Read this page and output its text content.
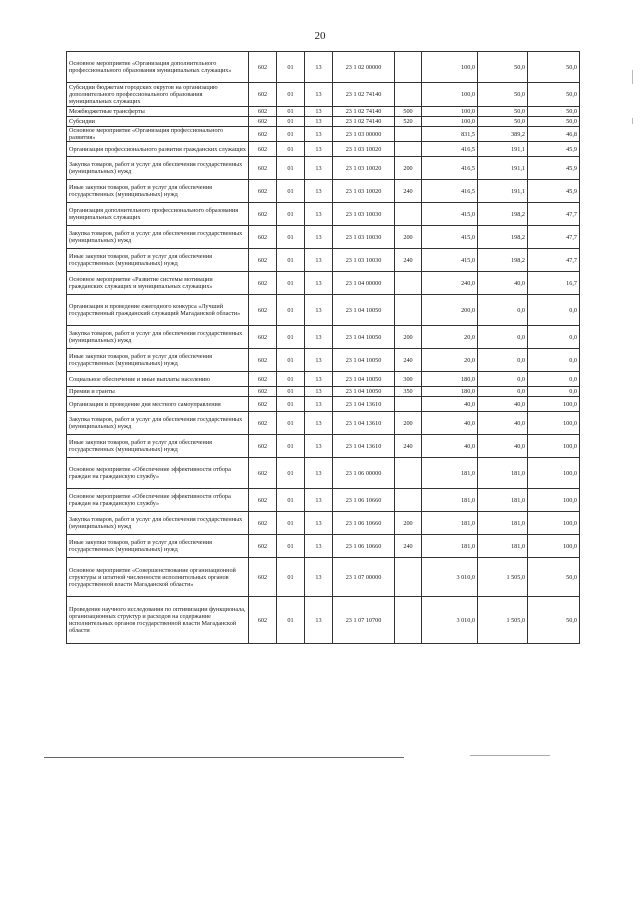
20
Основное мероприятие «Организация дополнительного профессионального образования муниципальных служащих»	602	01	13	23 1 02 00000		100,0	50,0	50,0
Субсидии бюджетам городских округов на организацию дополнительного профессионального образования муниципальных служащих	602	01	13	23 1 02 74140		100,0	50,0	50,0
Межбюджетные трансферты	602	01	13	23 1 02 74140	500	100,0	50,0	50,0
Субсидии	602	01	13	23 1 02 74140	520	100,0	50,0	50,0
Основное мероприятие «Организация профессионального развития»	602	01	13	23 1 03 00000		831,5	389,2	46,8
Организация профессионального развития гражданских служащих	602	01	13	23 1 03 10020		416,5	191,1	45,9
Закупка товаров, работ и услуг для обеспечения государственных (муниципальных) нужд	602	01	13	23 1 03 10020	200	416,5	191,1	45,9
Иные закупки товаров, работ и услуг для обеспечения государственных (муниципальных) нужд	602	01	13	23 1 03 10020	240	416,5	191,1	45,9
Организация дополнительного профессионального образования муниципальных служащих	602	01	13	23 1 03 10030		415,0	198,2	47,7
Закупка товаров, работ и услуг для обеспечения государственных (муниципальных) нужд	602	01	13	23 1 03 10030	200	415,0	198,2	47,7
Иные закупки товаров, работ и услуг для обеспечения государственных (муниципальных) нужд	602	01	13	23 1 03 10030	240	415,0	198,2	47,7
Основное мероприятие «Развитие системы мотивации гражданских служащих и муниципальных служащих»	602	01	13	23 1 04 00000		240,0	40,0	16,7
Организация и проведение ежегодного конкурса «Лучший государственный гражданский служащий Магаданской области»	602	01	13	23 1 04 10050		200,0	0,0	0,0
Закупка товаров, работ и услуг для обеспечения государственных (муниципальных) нужд	602	01	13	23 1 04 10050	200	20,0	0,0	0,0
Иные закупки товаров, работ и услуг для обеспечения государственных (муниципальных) нужд	602	01	13	23 1 04 10050	240	20,0	0,0	0,0
Социальное обеспечение и иные выплаты населению	602	01	13	23 1 04 10050	300	180,0	0,0	0,0
Премии и гранты	602	01	13	23 1 04 10050	350	180,0	0,0	0,0
Организация и проведение дня местного самоуправления	602	01	13	23 1 04 13610		40,0	40,0	100,0
Закупка товаров, работ и услуг для обеспечения государственных (муниципальных) нужд	602	01	13	23 1 04 13610	200	40,0	40,0	100,0
Иные закупки товаров, работ и услуг для обеспечения государственных (муниципальных) нужд	602	01	13	23 1 04 13610	240	40,0	40,0	100,0
Основное мероприятие «Обеспечение эффективности отбора граждан на гражданскую службу»	602	01	13	23 1 06 00000		181,0	181,0	100,0
Основное мероприятие «Обеспечение эффективности отбора граждан на гражданскую службу»	602	01	13	23 1 06 10660		181,0	181,0	100,0
Закупка товаров, работ и услуг для обеспечения государственных (муниципальных) нужд	602	01	13	23 1 06 10660	200	181,0	181,0	100,0
Иные закупки товаров, работ и услуг для обеспечения государственных (муниципальных) нужд	602	01	13	23 1 06 10660	240	181,0	181,0	100,0
Основное мероприятие «Совершенствование организационной структуры и штатной численности исполнительных органов государственной власти Магаданской области»	602	01	13	23 1 07 00000		3 010,0	1 505,0	50,0
Проведение научного исследования по оптимизации функционала, организационных структур и расходов на содержание исполнительных органов государственной власти Магаданской области	602	01	13	23 1 07 10700		3 010,0	1 505,0	50,0
